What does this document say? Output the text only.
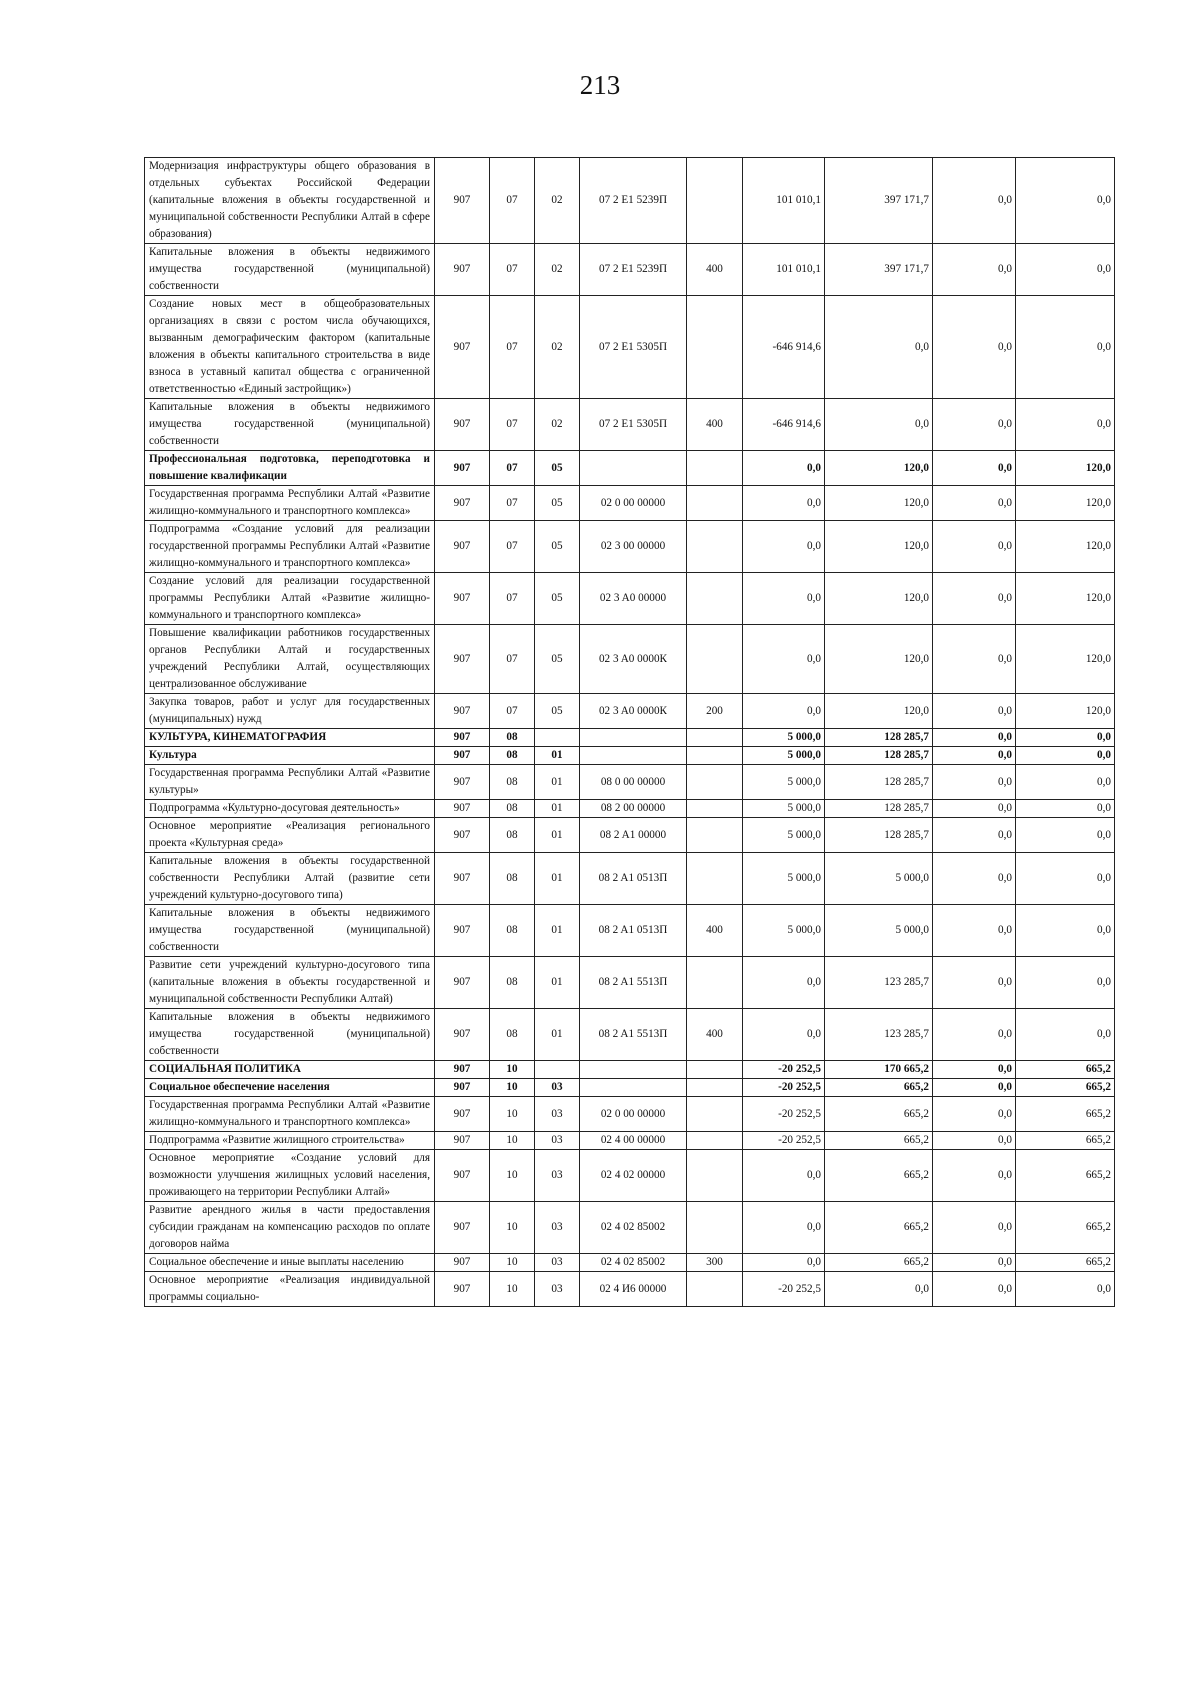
213
Модернизация инфраструктуры общего образования в отдельных субъектах Российской Федерации (капитальные вложения в объекты государственной и муниципальной собственности Республики Алтай в сфере образования)	907	07	02	07 2 E1 5239П		101 010,1	397 171,7	0,0	0,0
Капитальные вложения в объекты недвижимого имущества государственной (муниципальной) собственности	907	07	02	07 2 E1 5239П	400	101 010,1	397 171,7	0,0	0,0
Создание новых мест в общеобразовательных организациях в связи с ростом числа обучающихся, вызванным демографическим фактором (капитальные вложения в объекты капитального строительства в виде взноса в уставный капитал общества с ограниченной ответственностью «Единый застройщик»)	907	07	02	07 2 E1 5305П		-646 914,6	0,0	0,0	0,0
Капитальные вложения в объекты недвижимого имущества государственной (муниципальной) собственности	907	07	02	07 2 E1 5305П	400	-646 914,6	0,0	0,0	0,0
Профессиональная подготовка, переподготовка и повышение квалификации	907	07	05			0,0	120,0	0,0	120,0
Государственная программа Республики Алтай «Развитие жилищно-коммунального и транспортного комплекса»	907	07	05	02 0 00 00000		0,0	120,0	0,0	120,0
Подпрограмма «Создание условий для реализации государственной программы Республики Алтай «Развитие жилищно-коммунального и транспортного комплекса»	907	07	05	02 3 00 00000		0,0	120,0	0,0	120,0
Создание условий для реализации государственной программы Республики Алтай «Развитие жилищно-коммунального и транспортного комплекса»	907	07	05	02 3 A0 00000		0,0	120,0	0,0	120,0
Повышение квалификации работников государственных органов Республики Алтай и государственных учреждений Республики Алтай, осуществляющих централизованное обслуживание	907	07	05	02 3 A0 0000К		0,0	120,0	0,0	120,0
Закупка товаров, работ и услуг для государственных (муниципальных) нужд	907	07	05	02 3 A0 0000К	200	0,0	120,0	0,0	120,0
КУЛЬТУРА, КИНЕМАТОГРАФИЯ	907	08				5 000,0	128 285,7	0,0	0,0
Культура	907	08	01			5 000,0	128 285,7	0,0	0,0
Государственная программа Республики Алтай «Развитие культуры»	907	08	01	08 0 00 00000		5 000,0	128 285,7	0,0	0,0
Подпрограмма «Культурно-досуговая деятельность»	907	08	01	08 2 00 00000		5 000,0	128 285,7	0,0	0,0
Основное мероприятие «Реализация регионального проекта «Культурная среда»	907	08	01	08 2 A1 00000		5 000,0	128 285,7	0,0	0,0
Капитальные вложения в объекты государственной собственности Республики Алтай (развитие сети учреждений культурно-досугового типа)	907	08	01	08 2 A1 0513П		5 000,0	5 000,0	0,0	0,0
Капитальные вложения в объекты недвижимого имущества государственной (муниципальной) собственности	907	08	01	08 2 A1 0513П	400	5 000,0	5 000,0	0,0	0,0
Развитие сети учреждений культурно-досугового типа (капитальные вложения в объекты государственной и муниципальной собственности Республики Алтай)	907	08	01	08 2 A1 5513П		0,0	123 285,7	0,0	0,0
Капитальные вложения в объекты недвижимого имущества государственной (муниципальной) собственности	907	08	01	08 2 A1 5513П	400	0,0	123 285,7	0,0	0,0
СОЦИАЛЬНАЯ ПОЛИТИКА	907	10				-20 252,5	170 665,2	0,0	665,2
Социальное обеспечение населения	907	10	03			-20 252,5	665,2	0,0	665,2
Государственная программа Республики Алтай «Развитие жилищно-коммунального и транспортного комплекса»	907	10	03	02 0 00 00000		-20 252,5	665,2	0,0	665,2
Подпрограмма «Развитие жилищного строительства»	907	10	03	02 4 00 00000		-20 252,5	665,2	0,0	665,2
Основное мероприятие «Создание условий для возможности улучшения жилищных условий населения, проживающего на территории Республики Алтай»	907	10	03	02 4 02 00000		0,0	665,2	0,0	665,2
Развитие арендного жилья в части предоставления субсидии гражданам на компенсацию расходов по оплате договоров найма	907	10	03	02 4 02 85002		0,0	665,2	0,0	665,2
Социальное обеспечение и иные выплаты населению	907	10	03	02 4 02 85002	300	0,0	665,2	0,0	665,2
Основное мероприятие «Реализация индивидуальной программы социально-	907	10	03	02 4 И6 00000		-20 252,5	0,0	0,0	0,0
